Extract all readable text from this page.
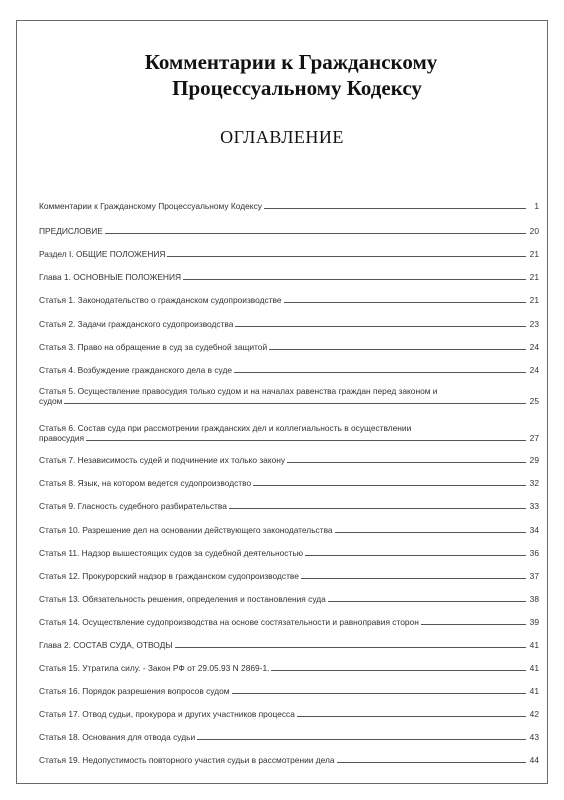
Комментарии к Гражданскому
Процессуальному Кодексу
ОГЛАВЛЕНИЕ
Комментарии к Гражданскому Процессуальному Кодексу	1
ПРЕДИСЛОВИЕ	20
Раздел I. ОБЩИЕ ПОЛОЖЕНИЯ	21
Глава 1. ОСНОВНЫЕ ПОЛОЖЕНИЯ	21
Статья 1. Законодательство о гражданском судопроизводстве	21
Статья 2. Задачи гражданского судопроизводства	23
Статья 3. Право на обращение в суд за судебной защитой	24
Статья 4. Возбуждение гражданского дела в суде	24
Статья 5. Осуществление правосудия только судом и на началах равенства граждан перед законом и
судом	25
Статья 6. Состав суда при рассмотрении гражданских дел и коллегиальность в осуществлении
правосудия	27
Статья 7. Независимость судей и подчинение их только закону	29
Статья 8. Язык, на котором ведется судопроизводство	32
Статья 9. Гласность судебного разбирательства	33
Статья 10. Разрешение дел на основании действующего законодательства	34
Статья 11. Надзор вышестоящих судов за судебной деятельностью	36
Статья 12. Прокурорский надзор в гражданском судопроизводстве	37
Статья 13. Обязательность решения, определения и постановления суда	38
Статья 14. Осуществление судопроизводства на основе состязательности и равноправия сторон	39
Глава 2. СОСТАВ СУДА, ОТВОДЫ	41
Статья 15. Утратила силу. - Закон РФ от 29.05.93 N 2869-1.	41
Статья 16. Порядок разрешения вопросов судом	41
Статья 17. Отвод судьи, прокурора и других участников процесса	42
Статья 18. Основания для отвода судьи	43
Статья 19. Недопустимость повторного участия судьи в рассмотрении дела	44
